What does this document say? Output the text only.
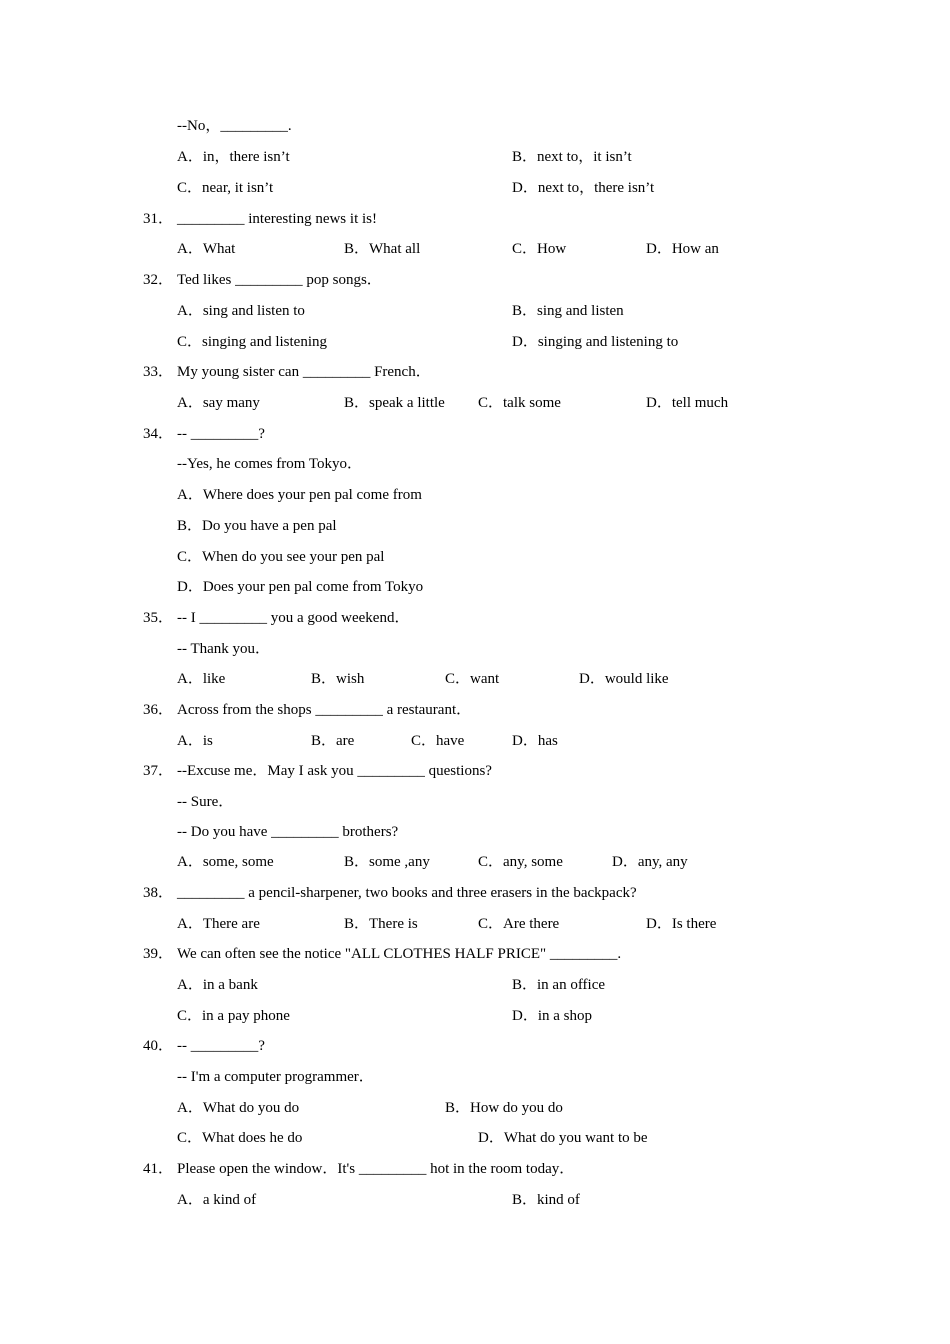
--No，_________.
A．in，there isn’t	B．next to，it isn’t
C．near, it isn’t	D．next to，there isn’t
31． _________ interesting news it is!
A．What	B．What all	C．How	D．How an
32． Ted likes _________ pop songs．
A．sing and listen to	B．sing and listen
C．singing and listening	D．singing and listening to
33． My young sister can _________ French．
A．say many	B．speak a little C．talk some	D．tell much
34． -- _________?
--Yes, he comes from Tokyo．
A．Where does your pen pal come from
B．Do you have a pen pal
C．When do you see your pen pal
D．Does your pen pal come from Tokyo
35． -- I _________ you a good weekend．
-- Thank you．
A．like	B．wish	C．want	D．would like
36． Across from the shops _________ a restaurant．
A．is	B．are	C．have	D．has
37． --Excuse me．May I ask you _________ questions?
-- Sure．
-- Do you have _________ brothers?
A．some, some	B．some ,any	C．any, some	D．any, any
38． _________ a pencil-sharpener, two books and three erasers in the backpack?
A．There are	B．There is	C．Are there	D．Is there
39． We can often see the notice "ALL CLOTHES HALF PRICE" _________.
A．in a bank	B．in an office
C．in a pay phone	D．in a shop
40． -- _________?
-- I'm a computer programmer．
A．What do you do	B．How do you do
C．What does he do	D．What do you want to be
41． Please open the window．It's _________ hot in the room today．
A．a kind of	B．kind of
